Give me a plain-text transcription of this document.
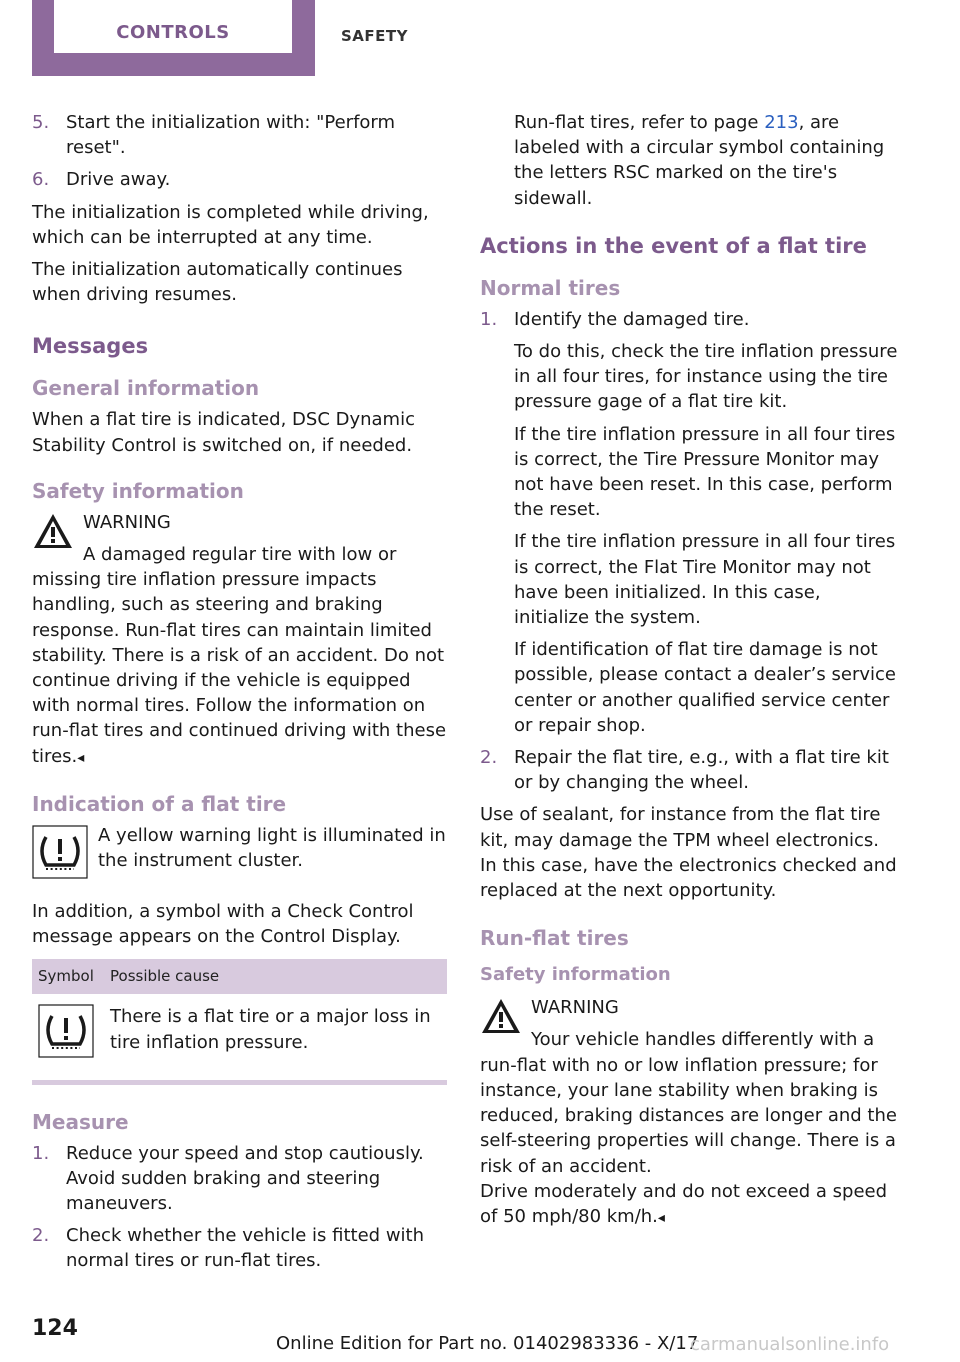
CONTROLS	SAFETY
5. Start the initialization with: "Perform reset".
6. Drive away.

The initialization is completed while driving, which can be interrupted at any time.

The initialization automatically continues when driving resumes.

Messages
General information

When a flat tire is indicated, DSC Dynamic Stability Control is switched on, if needed.

Safety information
WARNING

A damaged regular tire with low or missing tire inflation pressure impacts handling, such as steering and braking response. Run-flat tires can maintain limited stability. There is a risk of an accident. Do not continue driving if the vehicle is equipped with normal tires. Follow the information on run-flat tires and continued driving with these tires.◂

Indication of a flat tire

A yellow warning light is illuminated in the instrument cluster.

In addition, a symbol with a Check Control message appears on the Control Display.

Symbol	Possible cause
	There is a flat tire or a major loss in tire inflation pressure.
Measure
1. Reduce your speed and stop cautiously. Avoid sudden braking and steering maneuvers.
2. Check whether the vehicle is fitted with normal tires or run-flat tires.

Run-flat tires, refer to page 213, are labeled with a circular symbol containing the letters RSC marked on the tire's sidewall.

Actions in the event of a flat tire
Normal tires
1. Identify the damaged tire.
To do this, check the tire inflation pressure in all four tires, for instance using the tire pressure gage of a flat tire kit.
If the tire inflation pressure in all four tires is correct, the Tire Pressure Monitor may not have been reset. In this case, perform the reset.
If the tire inflation pressure in all four tires is correct, the Flat Tire Monitor may not have been initialized. In this case, initialize the system.
If identification of flat tire damage is not possible, please contact a dealer’s service center or another qualified service center or repair shop.
2. Repair the flat tire, e.g., with a flat tire kit or by changing the wheel.

Use of sealant, for instance from the flat tire kit, may damage the TPM wheel electronics. In this case, have the electronics checked and replaced at the next opportunity.

Run-flat tires
Safety information
WARNING

Your vehicle handles differently with a run-flat with no or low inflation pressure; for instance, your lane stability when braking is reduced, braking distances are longer and the self-steering properties will change. There is a risk of an accident.

Drive moderately and do not exceed a speed of 50 mph/80 km/h.◂

124
Online Edition for Part no. 01402983336 - X/17
carmanualsonline.info
